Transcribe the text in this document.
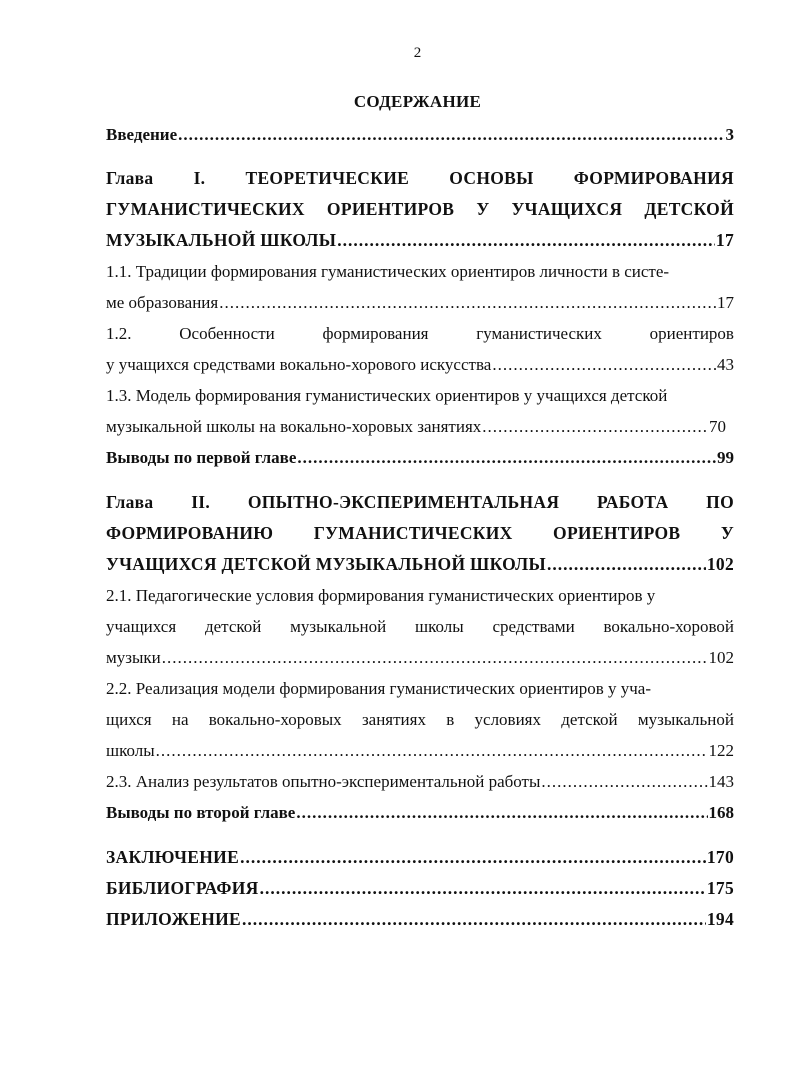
2
СОДЕРЖАНИЕ
Введение .....	3
Глава I. ТЕОРЕТИЧЕСКИЕ ОСНОВЫ ФОРМИРОВАНИЯ
ГУМАНИСТИЧЕСКИХ ОРИЕНТИРОВ У УЧАЩИХСЯ ДЕТСКОЙ
МУЗЫКАЛЬНОЙ ШКОЛЫ .....	17
1.1. Традиции формирования гуманистических ориентиров личности в систе-
ме образования .....	17
1.2.	Особенности	формирования	гуманистических	ориентиров
у учащихся средствами вокально-хорового искусства .....	43
1.3. Модель формирования гуманистических ориентиров у учащихся детской
музыкальной школы на вокально-хоровых занятиях .....	70
Выводы по первой главе .....	99
Глава II. ОПЫТНО-ЭКСПЕРИМЕНТАЛЬНАЯ РАБОТА ПО
ФОРМИРОВАНИЮ ГУМАНИСТИЧЕСКИХ ОРИЕНТИРОВ У
УЧАЩИХСЯ ДЕТСКОЙ МУЗЫКАЛЬНОЙ ШКОЛЫ .....	102
2.1. Педагогические условия формирования гуманистических ориентиров у
учащихся детской музыкальной школы средствами вокально-хоровой
музыки .....	102
2.2. Реализация модели формирования гуманистических ориентиров у уча-
щихся на вокально-хоровых занятиях в условиях детской музыкальной
школы .....	122
2.3. Анализ результатов опытно-экспериментальной работы .....	143
Выводы по второй главе .....	168
ЗАКЛЮЧЕНИЕ .....	170
БИБЛИОГРАФИЯ .....	175
ПРИЛОЖЕНИЕ .....	194
